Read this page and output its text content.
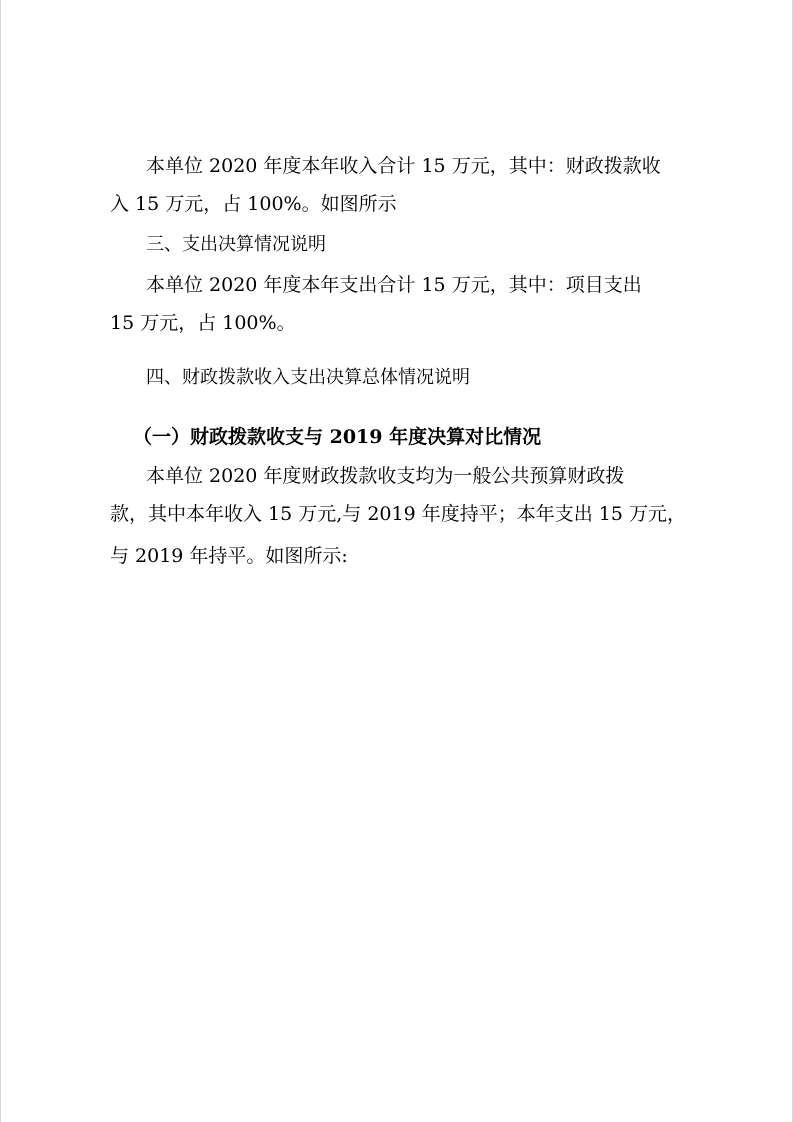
本单位 2020 年度本年收入合计 15 万元，其中：财政拨款收
入 15 万元，占 100%。如图所示
三、支出决算情况说明
本单位 2020 年度本年支出合计 15 万元，其中：项目支出
15 万元，占 100%。
四、财政拨款收入支出决算总体情况说明
（一）财政拨款收支与 2019 年度决算对比情况
本单位 2020 年度财政拨款收支均为一般公共预算财政拨
款，其中本年收入 15 万元,与 2019 年度持平；本年支出 15 万元，
与 2019 年持平。如图所示:
